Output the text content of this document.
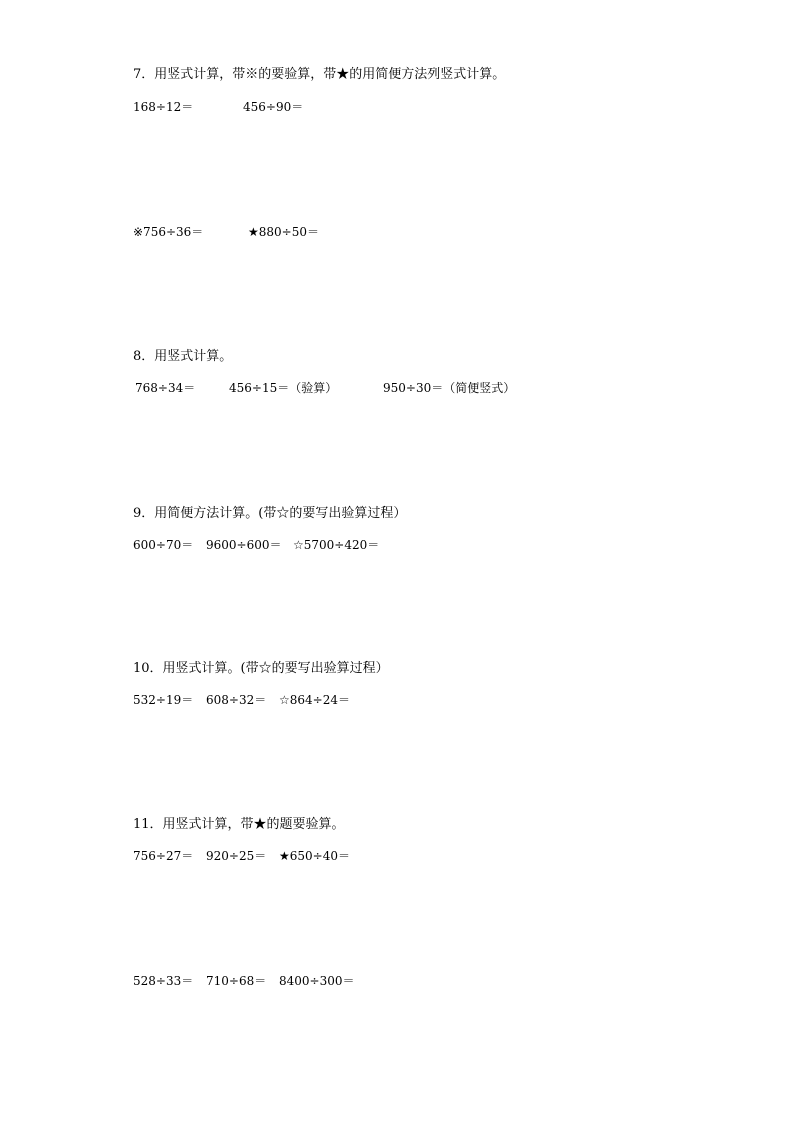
7．用竖式计算，带※的要验算，带★的用简便方法列竖式计算。
168÷12＝	456÷90＝
※756÷36＝	★880÷50＝
8．用竖式计算。
768÷34＝	456÷15＝（验算）	950÷30＝（简便竖式）
9．用简便方法计算。(带☆的要写出验算过程）
600÷70＝ 9600÷600＝ ☆5700÷420＝
10．用竖式计算。(带☆的要写出验算过程）
532÷19＝ 608÷32＝ ☆864÷24＝
11．用竖式计算，带★的题要验算。
756÷27＝ 920÷25＝ ★650÷40＝
528÷33＝ 710÷68＝ 8400÷300＝
